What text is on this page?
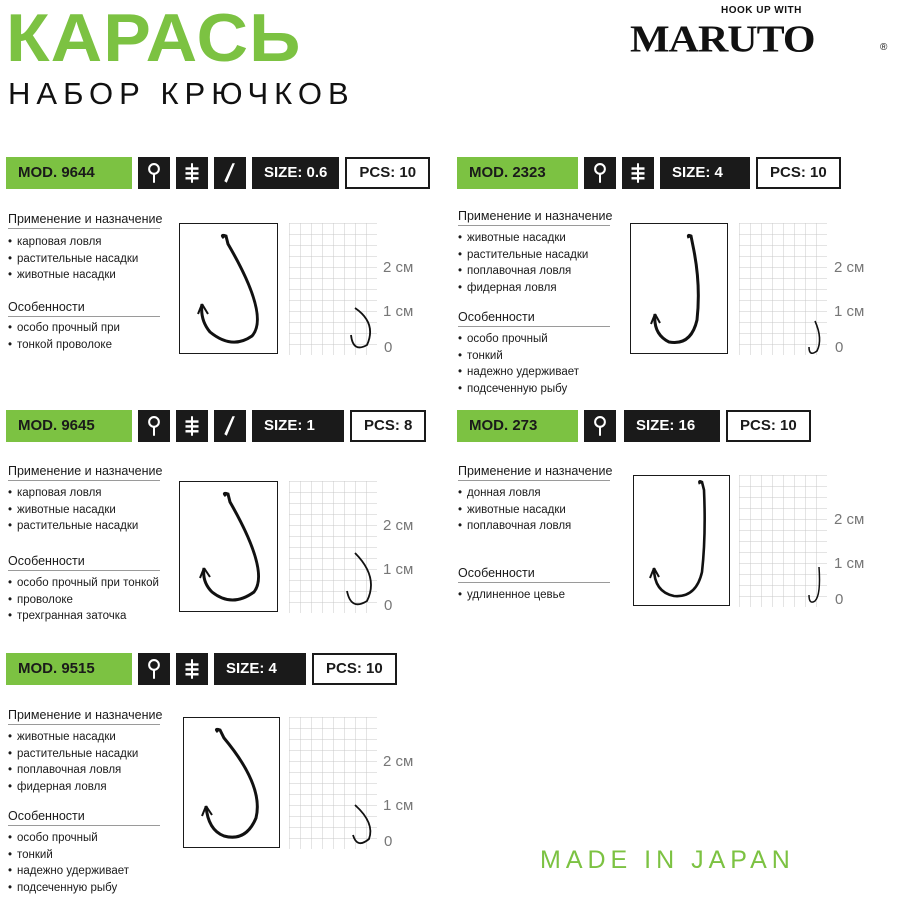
КАРАСЬ
НАБОР КРЮЧКОВ
HOOK UP WITH
MARUTO	®
MOD. 9644	SIZE: 0.6	PCS: 10
Применение и назначение
• карповая ловля
• растительные насадки
• животные насадки
Особенности
• особо прочный при
• тонкой проволоке
2 см
1 см
0
MOD. 2323	SIZE: 4	PCS: 10
Применение и назначение
• животные насадки
• растительные насадки
• поплавочная ловля
• фидерная ловля
Особенности
• особо прочный
• тонкий
• надежно удерживает
• подсеченную рыбу
2 см
1 см
0
MOD. 9645	SIZE: 1	PCS: 8
Применение и назначение
• карповая ловля
• животные насадки
• растительные насадки
Особенности
• особо прочный при тонкой
• проволоке
• трехгранная заточка
2 см
1 см
0
MOD. 273	SIZE: 16	PCS: 10
Применение и назначение
• донная ловля
• животные насадки
• поплавочная ловля
Особенности
• удлиненное цевье
2 см
1 см
0
MOD. 9515	SIZE: 4	PCS: 10
Применение и назначение
• животные насадки
• растительные насадки
• поплавочная ловля
• фидерная ловля
Особенности
• особо прочный
• тонкий
• надежно удерживает
• подсеченную рыбу
2 см
1 см
0
MADE IN JAPAN
